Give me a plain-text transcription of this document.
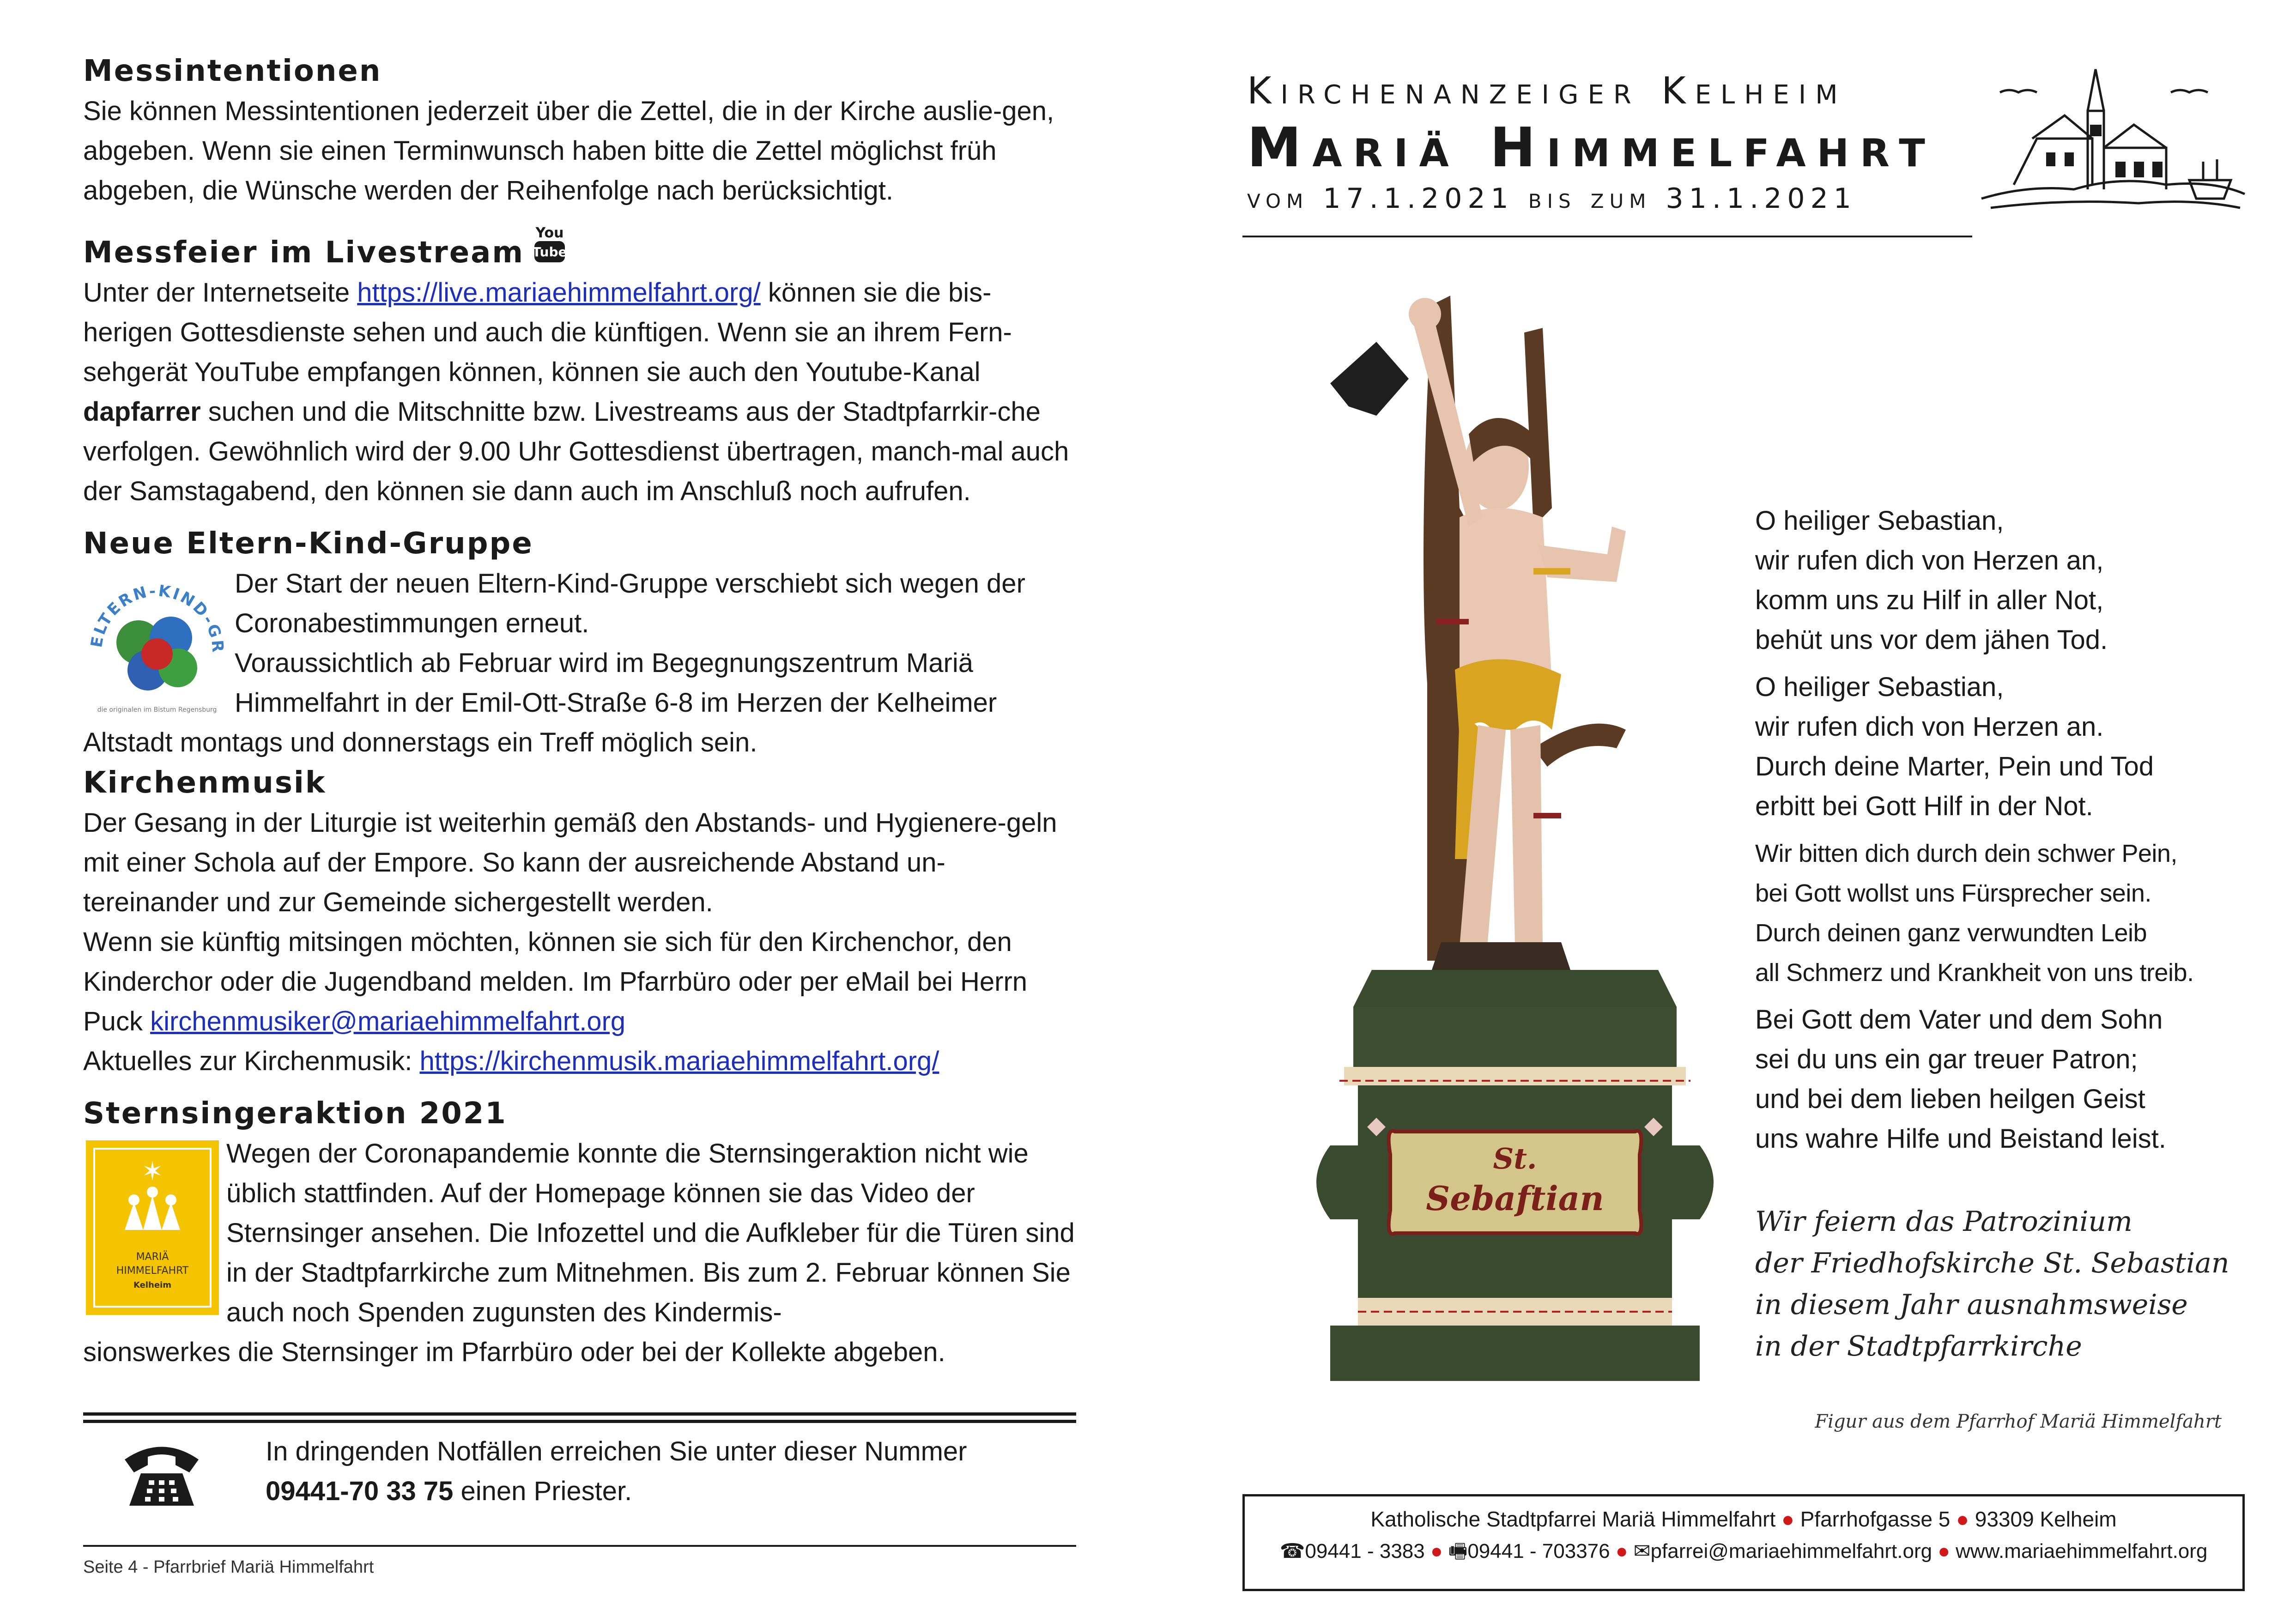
Messintentionen

Sie können Messintentionen jederzeit über die Zettel, die in der Kirche auslie-gen, abgeben. Wenn sie einen Terminwunsch haben bitte die Zettel möglichst früh abgeben, die Wünsche werden der Reihenfolge nach berücksichtigt.

Messfeier im Livestream
You
Tube

Unter der Internetseite https://live.mariaehimmelfahrt.org/ können sie die bis-herigen Gottesdienste sehen und auch die künftigen. Wenn sie an ihrem Fern-sehgerät YouTube empfangen können, können sie auch den Youtube-Kanal dapfarrer suchen und die Mitschnitte bzw. Livestreams aus der Stadtpfarrkir-che verfolgen. Gewöhnlich wird der 9.00 Uhr Gottesdienst übertragen, manch-mal auch der Samstagabend, den können sie dann auch im Anschluß noch aufrufen.

Neue Eltern-Kind-Gruppe
ELTERN-KIND-GR
die originalen im Bistum Regensburg

Der Start der neuen Eltern-Kind-Gruppe verschiebt sich wegen der Coronabestimmungen erneut.

Voraussichtlich ab Februar wird im Begegnungszentrum Mariä Himmelfahrt in der Emil-Ott-Straße 6-8 im Herzen der Kelheimer

Altstadt montags und donnerstags ein Treff möglich sein.

Kirchenmusik

Der Gesang in der Liturgie ist weiterhin gemäß den Abstands- und Hygienere-geln mit einer Schola auf der Empore. So kann der ausreichende Abstand un-tereinander und zur Gemeinde sichergestellt werden.

Wenn sie künftig mitsingen möchten, können sie sich für den Kirchenchor, den Kinderchor oder die Jugendband melden. Im Pfarrbüro oder per eMail bei Herrn Puck kirchenmusiker@mariaehimmelfahrt.org

Aktuelles zur Kirchenmusik: https://kirchenmusik.mariaehimmelfahrt.org/

Sternsingeraktion 2021
✶
MARIÄ
HIMMELFAHRT
Kelheim

Wegen der Coronapandemie konnte die Sternsingeraktion nicht wie üblich stattfinden. Auf der Homepage können sie das Video der Sternsinger ansehen. Die Infozettel und die Aufkleber für die Türen sind in der Stadtpfarrkirche zum Mitnehmen. Bis zum 2. Februar können Sie auch noch Spenden zugunsten des Kindermis-

sionswerkes die Sternsinger im Pfarrbüro oder bei der Kollekte abgeben.

In dringenden Notfällen erreichen Sie unter dieser Nummer
09441-70 33 75 einen Priester.

Seite 4 - Pfarrbrief Mariä Himmelfahrt
Kirchenanzeiger Kelheim
Mariä Himmelfahrt
vom 17.1.2021 bis zum 31.1.2021
St.
Sebaftian
O heiliger Sebastian,
wir rufen dich von Herzen an,
komm uns zu Hilf in aller Not,
behüt uns vor dem jähen Tod.
O heiliger Sebastian,
wir rufen dich von Herzen an.
Durch deine Marter, Pein und Tod
erbitt bei Gott Hilf in der Not.
Wir bitten dich durch dein schwer Pein,
bei Gott wollst uns Fürsprecher sein.
Durch deinen ganz verwundten Leib
all Schmerz und Krankheit von uns treib.
Bei Gott dem Vater und dem Sohn
sei du uns ein gar treuer Patron;
und bei dem lieben heilgen Geist
uns wahre Hilfe und Beistand leist.
Wir feiern das Patrozinium
der Friedhofskirche St. Sebastian
in diesem Jahr ausnahmsweise
in der Stadtpfarrkirche
Figur aus dem Pfarrhof Mariä Himmelfahrt
Katholische Stadtpfarrei Mariä Himmelfahrt ● Pfarrhofgasse 5 ● 93309 Kelheim
☎09441 - 3383 ● 🖷09441 - 703376 ● ✉pfarrei@mariaehimmelfahrt.org ● www.mariaehimmelfahrt.org
